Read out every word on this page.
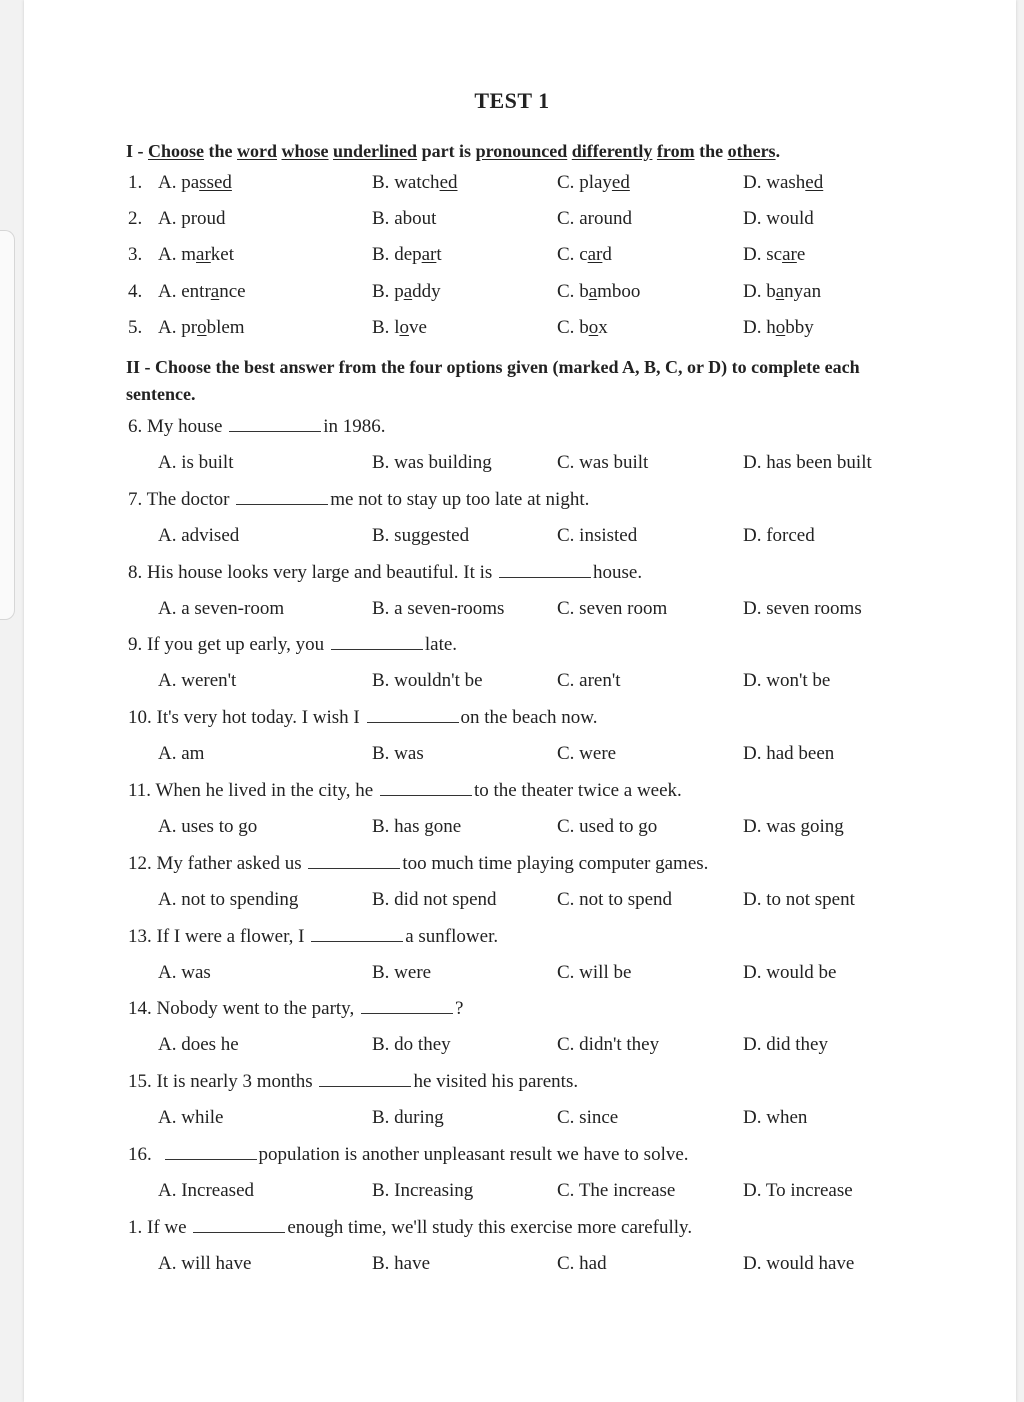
TEST 1
I - Choose the word whose underlined part is pronounced differently from the others.
1. A. passed	B. watched	C. played	D. washed
2. A. proud	B. about	C. around	D. would
3. A. market	B. depart	C. card	D. scare
4. A. entrance	B. paddy	C. bamboo	D. banyan
5. A. problem	B. love	C. box	D. hobby
II - Choose the best answer from the four options given (marked A, B, C, or D) to complete each sentence.
6. My house	in 1986.
A. is built	B. was building	C. was built	D. has been built
7. The doctor	me not to stay up too late at night.
A. advised	B. suggested	C. insisted	D. forced
8. His house looks very large and beautiful. It is	house.
A. a seven-room	B. a seven-rooms	C. seven room	D. seven rooms
9. If you get up early, you	late.
A. weren't	B. wouldn't be	C. aren't	D. won't be
10. It's very hot today. I wish I	on the beach now.
A. am	B. was	C. were	D. had been
11. When he lived in the city, he	to the theater twice a week.
A. uses to go	B. has gone	C. used to go	D. was going
12. My father asked us	too much time playing computer games.
A. not to spending	B. did not spend	C. not to spend	D. to not spent
13. If I were a flower, I	a sunflower.
A. was	B. were	C. will be	D. would be
14. Nobody went to the party,	?
A. does he	B. do they	C. didn't they	D. did they
15. It is nearly 3 months	he visited his parents.
A. while	B. during	C. since	D. when
16.	population is another unpleasant result we have to solve.
A. Increased	B. Increasing	C. The increase	D. To increase
1. If we	enough time, we'll study this exercise more carefully.
A. will have	B. have	C. had	D. would have
